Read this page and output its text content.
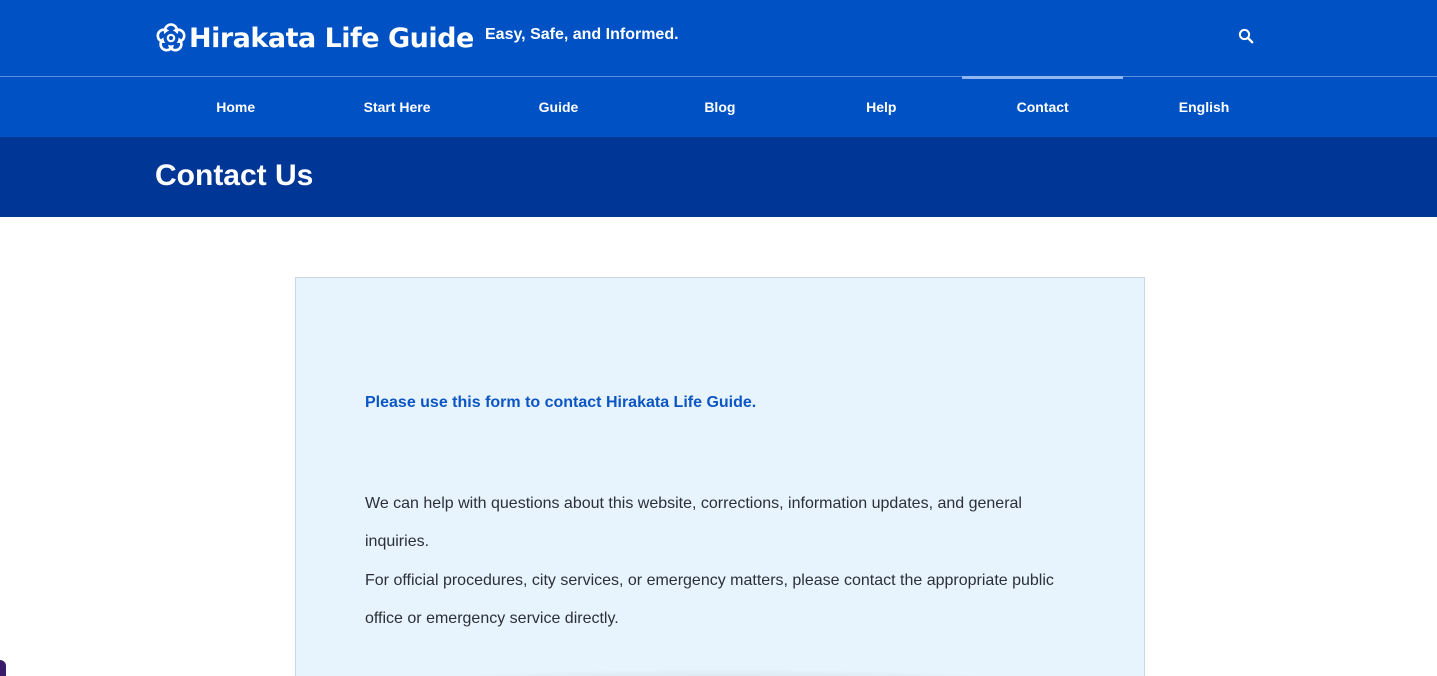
Hirakata Life Guide Easy, Safe, and Informed.
Home	Start Here	Guide	Blog	Help	Contact	English
Contact Us
Please use this form to contact Hirakata Life Guide.

We can help with questions about this website, corrections, information updates, and general inquiries.

For official procedures, city services, or emergency matters, please contact the appropriate public office or emergency service directly.
